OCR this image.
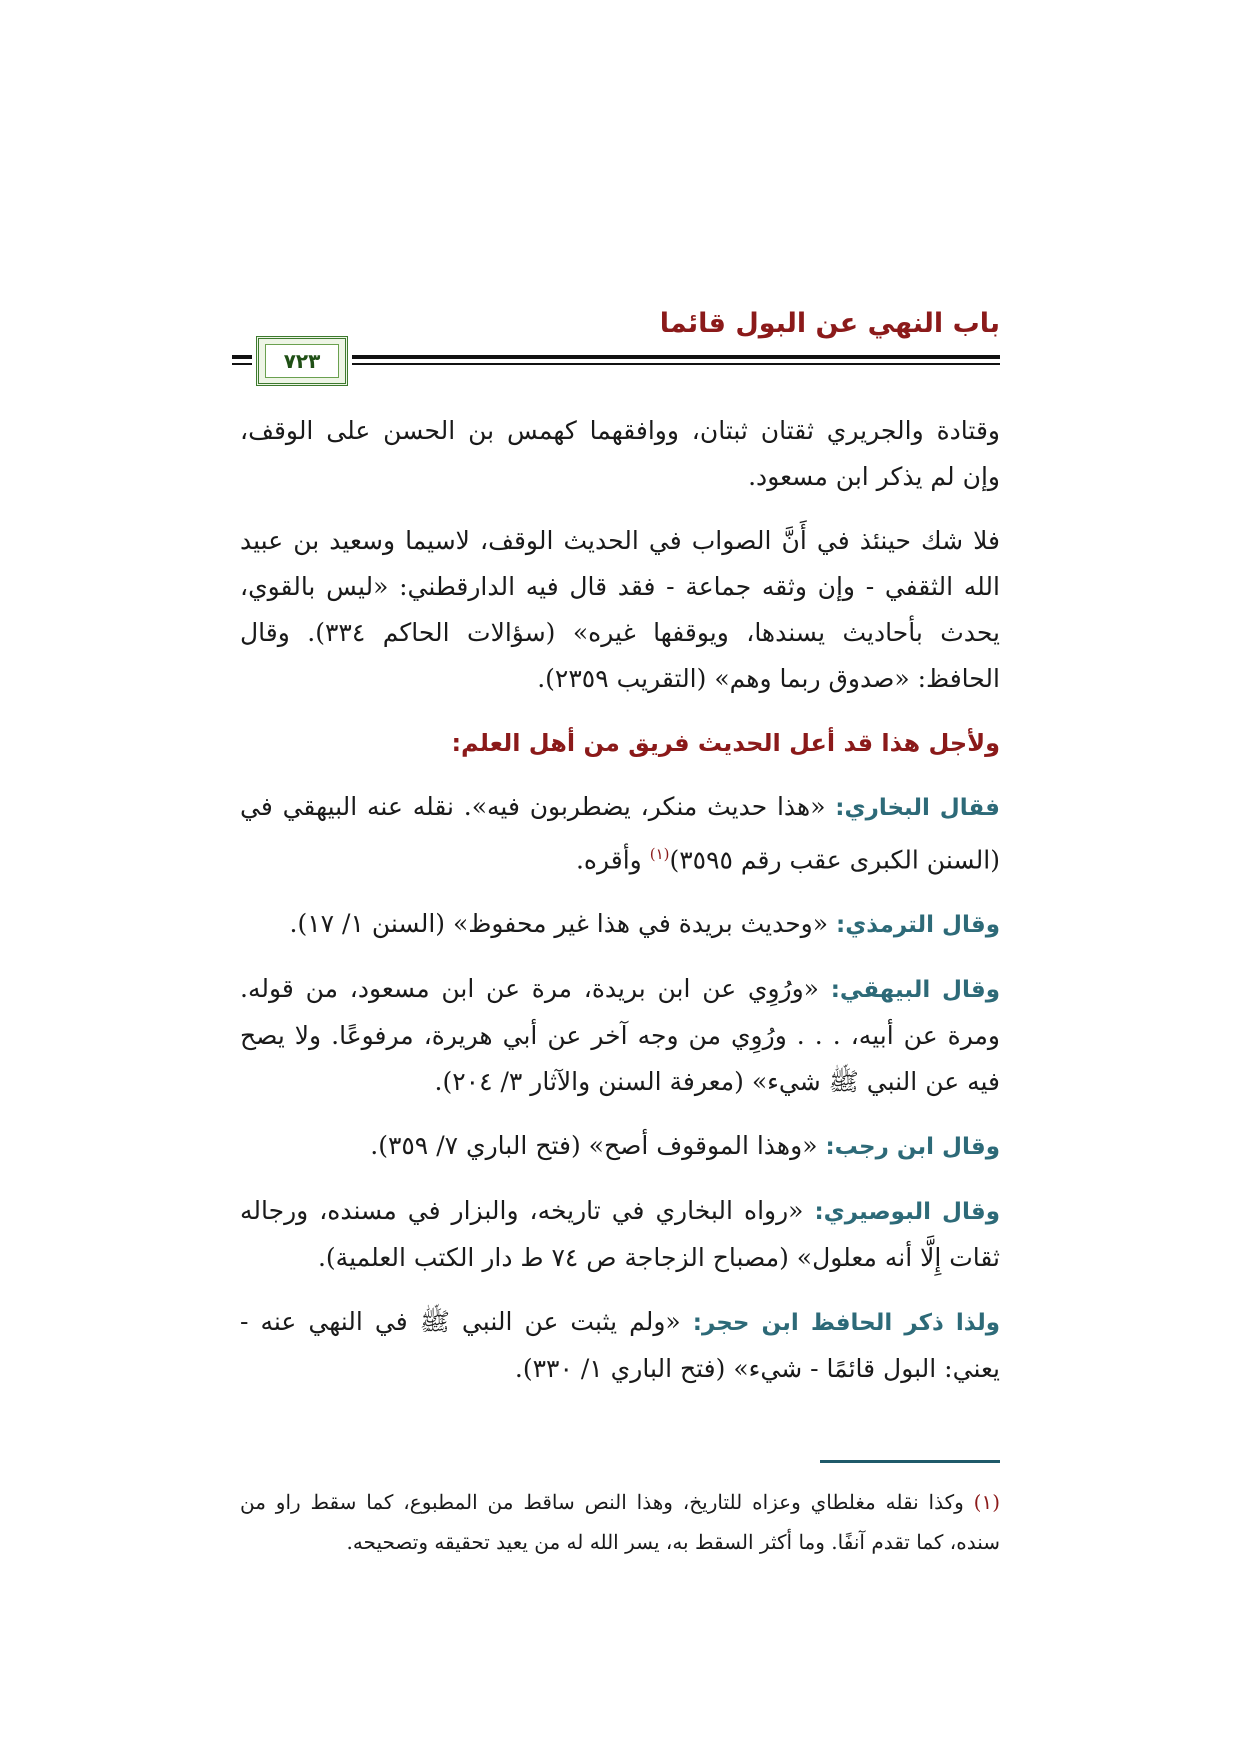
باب النهي عن البول قائما
٧٢٣

وقتادة والجريري ثقتان ثبتان، ووافقهما كهمس بن الحسن على الوقف، وإن لم يذكر ابن مسعود.

فلا شك حينئذ في أَنَّ الصواب في الحديث الوقف، لاسيما وسعيد بن عبيد الله الثقفي - وإن وثقه جماعة - فقد قال فيه الدارقطني: «ليس بالقوي، يحدث بأحاديث يسندها، ويوقفها غيره» (سؤالات الحاكم ٣٣٤). وقال الحافظ: «صدوق ربما وهم» (التقريب ٢٣٥٩).

ولأجل هذا قد أعل الحديث فريق من أهل العلم:

فقال البخاري: «هذا حديث منكر، يضطربون فيه». نقله عنه البيهقي في (السنن الكبرى عقب رقم ٣٥٩٥)$^{(١)}$ وأقره.

وقال الترمذي: «وحديث بريدة في هذا غير محفوظ» (السنن ١/ ١٧).

وقال البيهقي: «ورُوِي عن ابن بريدة، مرة عن ابن مسعود، من قوله. ومرة عن أبيه، . . . ورُوِي من وجه آخر عن أبي هريرة، مرفوعًا. ولا يصح فيه عن النبي ﷺ شيء» (معرفة السنن والآثار ٣/ ٢٠٤).

وقال ابن رجب: «وهذا الموقوف أصح» (فتح الباري ٧/ ٣٥٩).

وقال البوصيري: «رواه البخاري في تاريخه، والبزار في مسنده، ورجاله ثقات إِلَّا أنه معلول» (مصباح الزجاجة ص ٧٤ ط دار الكتب العلمية).

ولذا ذكر الحافظ ابن حجر: «ولم يثبت عن النبي ﷺ في النهي عنه - يعني: البول قائمًا - شيء» (فتح الباري ١/ ٣٣٠).

(١) وكذا نقله مغلطاي وعزاه للتاريخ، وهذا النص ساقط من المطبوع، كما سقط راو من سنده، كما تقدم آنفًا. وما أكثر السقط به، يسر الله له من يعيد تحقيقه وتصحيحه.
